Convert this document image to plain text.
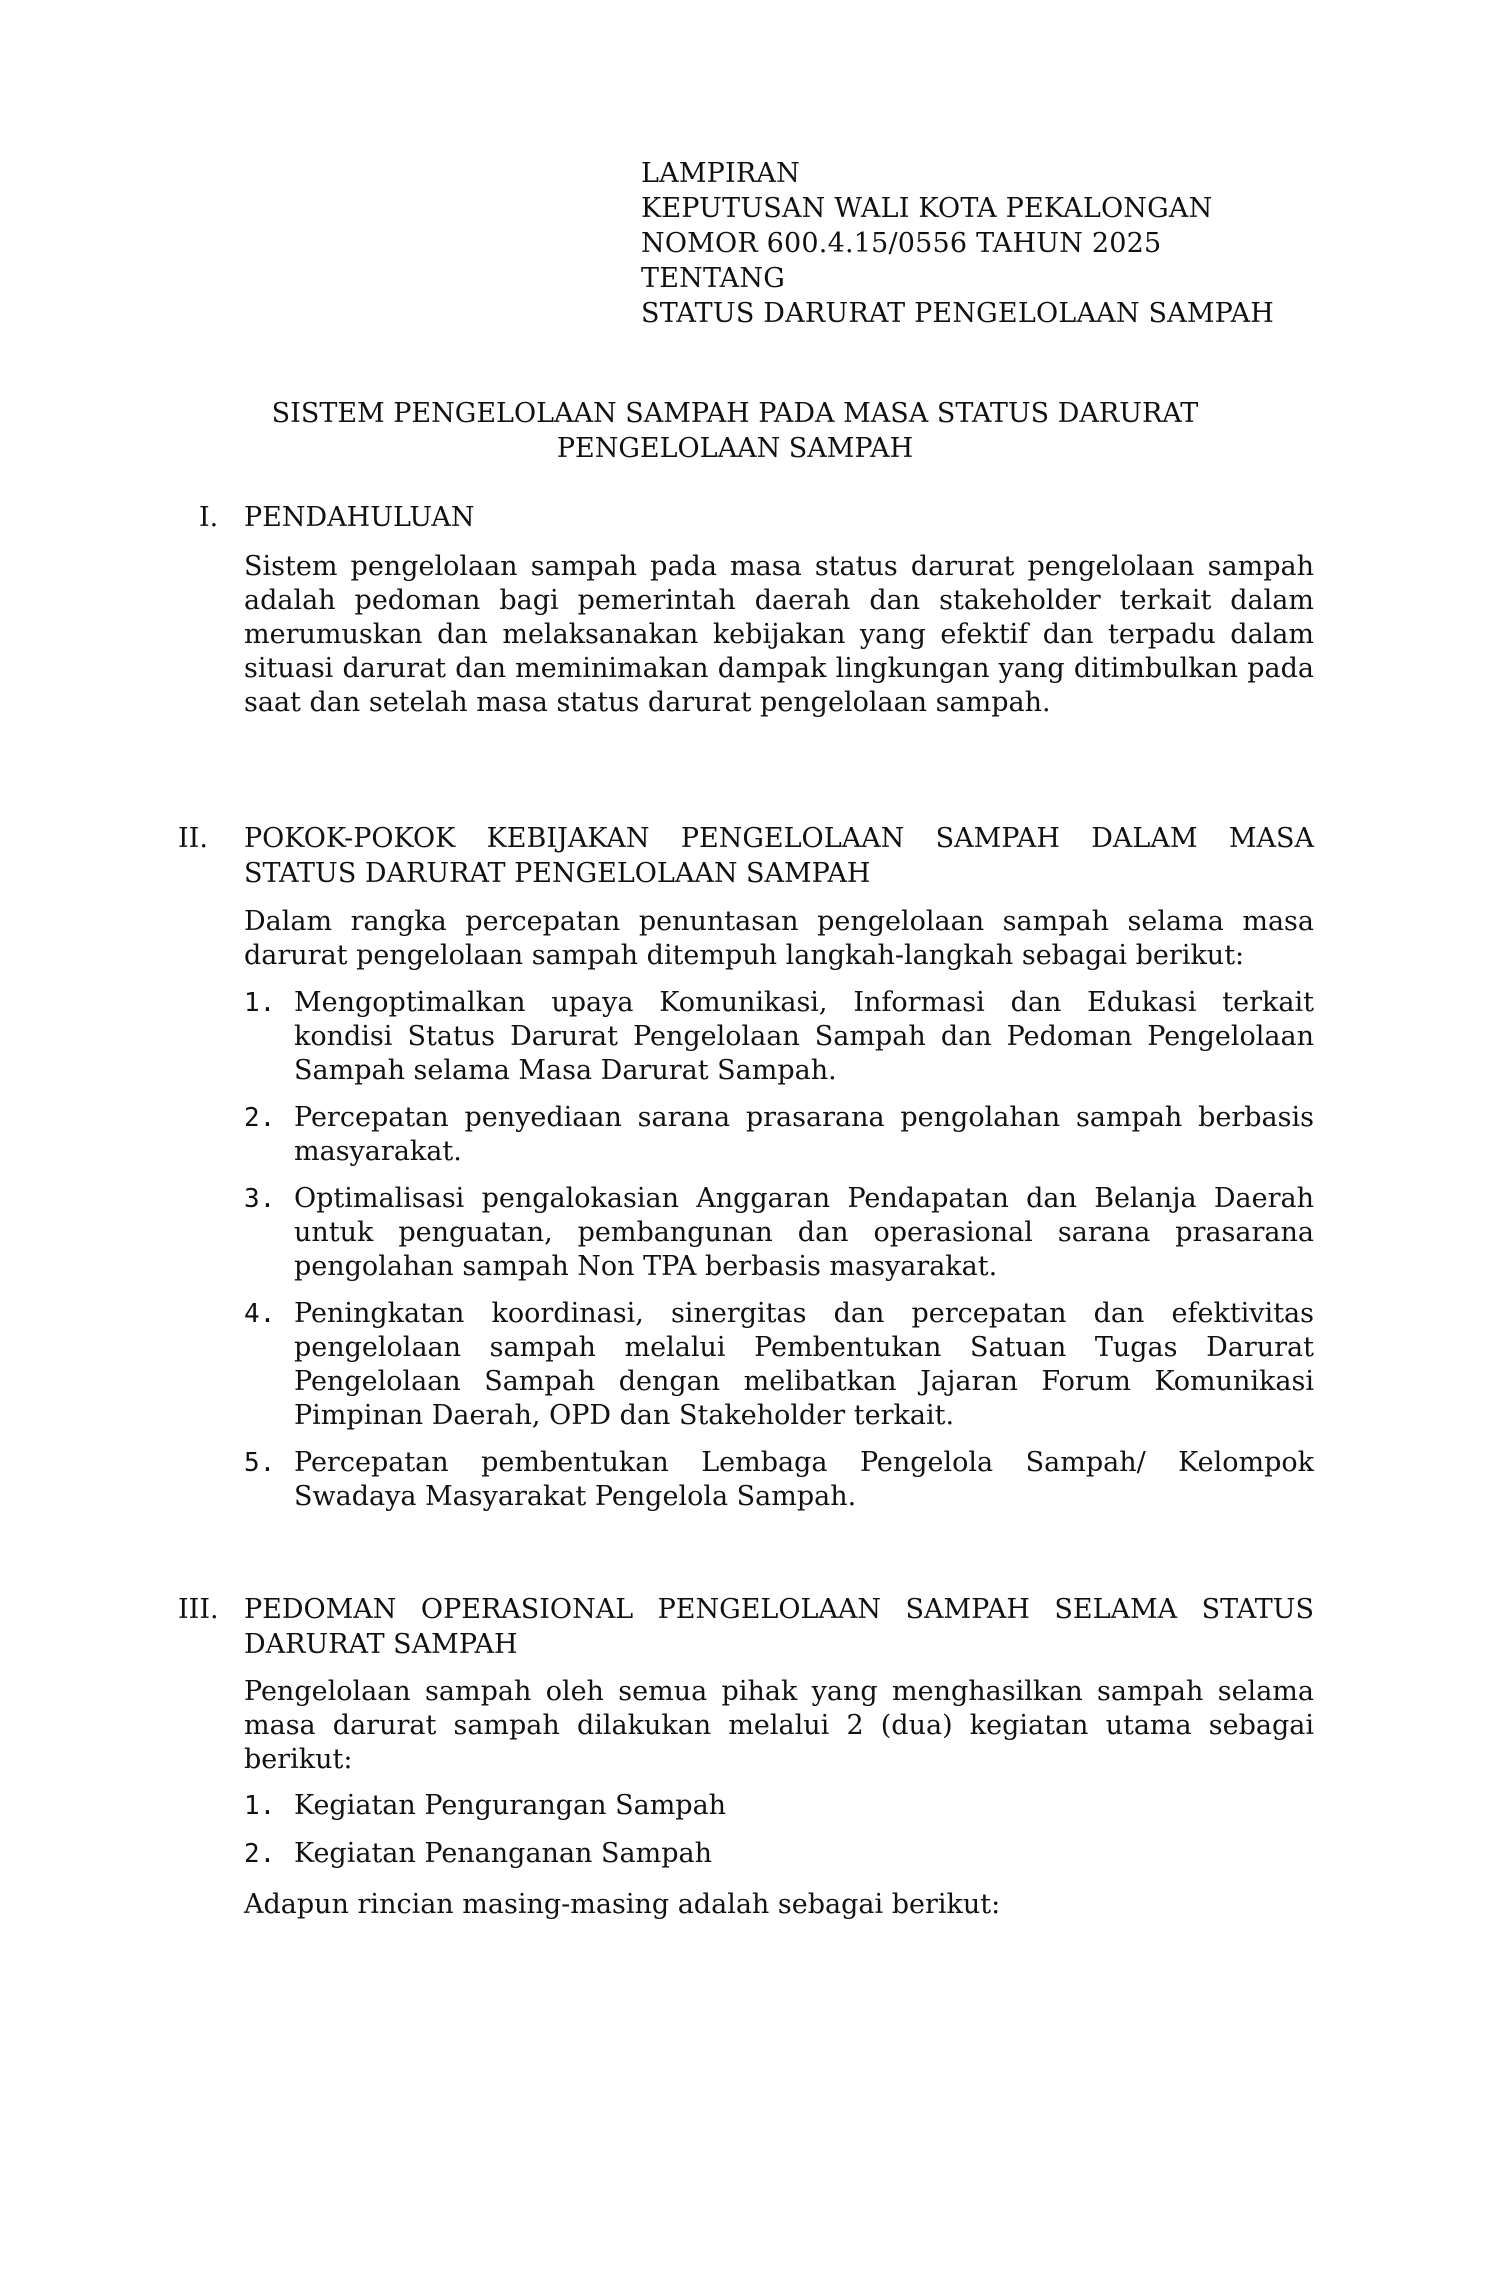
LAMPIRAN
KEPUTUSAN WALI KOTA PEKALONGAN
NOMOR 600.4.15/0556 TAHUN 2025
TENTANG
STATUS DARURAT PENGELOLAAN SAMPAH
SISTEM PENGELOLAAN SAMPAH PADA MASA STATUS DARURAT
PENGELOLAAN SAMPAH
I. PENDAHULUAN
Sistem pengelolaan sampah pada masa status darurat pengelolaan sampah adalah pedoman bagi pemerintah daerah dan stakeholder terkait dalam merumuskan dan melaksanakan kebijakan yang efektif dan terpadu dalam situasi darurat dan meminimakan dampak lingkungan yang ditimbulkan pada saat dan setelah masa status darurat pengelolaan sampah.
II. POKOK-POKOK KEBIJAKAN PENGELOLAAN SAMPAH DALAM MASA STATUS DARURAT PENGELOLAAN SAMPAH
Dalam rangka percepatan penuntasan pengelolaan sampah selama masa darurat pengelolaan sampah ditempuh langkah-langkah sebagai berikut:
1. Mengoptimalkan upaya Komunikasi, Informasi dan Edukasi terkait kondisi Status Darurat Pengelolaan Sampah dan Pedoman Pengelolaan Sampah selama Masa Darurat Sampah.
2. Percepatan penyediaan sarana prasarana pengolahan sampah berbasis masyarakat.
3. Optimalisasi pengalokasian Anggaran Pendapatan dan Belanja Daerah untuk penguatan, pembangunan dan operasional sarana prasarana pengolahan sampah Non TPA berbasis masyarakat.
4. Peningkatan koordinasi, sinergitas dan percepatan dan efektivitas pengelolaan sampah melalui Pembentukan Satuan Tugas Darurat Pengelolaan Sampah dengan melibatkan Jajaran Forum Komunikasi Pimpinan Daerah, OPD dan Stakeholder terkait.
5. Percepatan pembentukan Lembaga Pengelola Sampah/ Kelompok Swadaya Masyarakat Pengelola Sampah.
III. PEDOMAN OPERASIONAL PENGELOLAAN SAMPAH SELAMA STATUS DARURAT SAMPAH
Pengelolaan sampah oleh semua pihak yang menghasilkan sampah selama masa darurat sampah dilakukan melalui 2 (dua) kegiatan utama sebagai berikut:
1. Kegiatan Pengurangan Sampah
2. Kegiatan Penanganan Sampah
Adapun rincian masing-masing adalah sebagai berikut:
